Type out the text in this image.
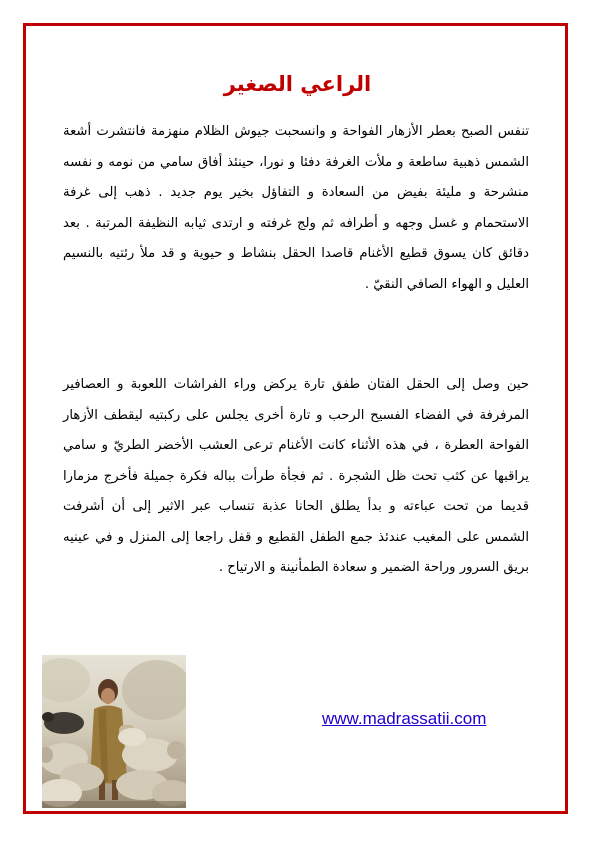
الراعي الصغير

تنفس الصبح بعطر الأزهار الفواحة و وانسحبت جيوش الظلام منهزمة فانتشرت أشعة الشمس ذهبية ساطعة و ملأت الغرفة دفئا و نورا، حينئذ أفاق سامي من نومه و نفسه منشرحة و مليئة بفيض من السعادة و التفاؤل بخير يوم جديد . ذهب إلى غرفة الاستحمام و غسل وجهه و أطرافه ثم ولج غرفته و ارتدى ثيابه النظيفة المرتبة . بعد دقائق كان يسوق قطيع الأغنام قاصدا الحقل بنشاط و حيوية و قد ملأ رئتيه بالنسيم العليل و الهواء الصافي النقيّ .

حين وصل إلى الحقل الفتان طفق تارة يركض وراء الفراشات اللعوبة و العصافير المرفرفة في الفضاء الفسيح الرحب و تارة أخرى يجلس على ركبتيه ليقطف الأزهار الفواحة العطرة ، في هذه الأثناء كانت الأغنام ترعى العشب الأخضر الطريّ و سامي يراقبها عن كثب تحت ظل الشجرة . ثم فجأة طرأت بباله فكرة جميلة فأخرج مزمارا قديما من تحت عباءته و بدأ يطلق الحانا عذبة تنساب عبر الاثير إلى أن أشرفت الشمس على المغيب عندئذ جمع الطفل القطيع و قفل راجعا إلى المنزل و في عينيه بريق السرور وراحة الضمير و سعادة الطمأنينة و الارتياح .

www.madrassatii.com
